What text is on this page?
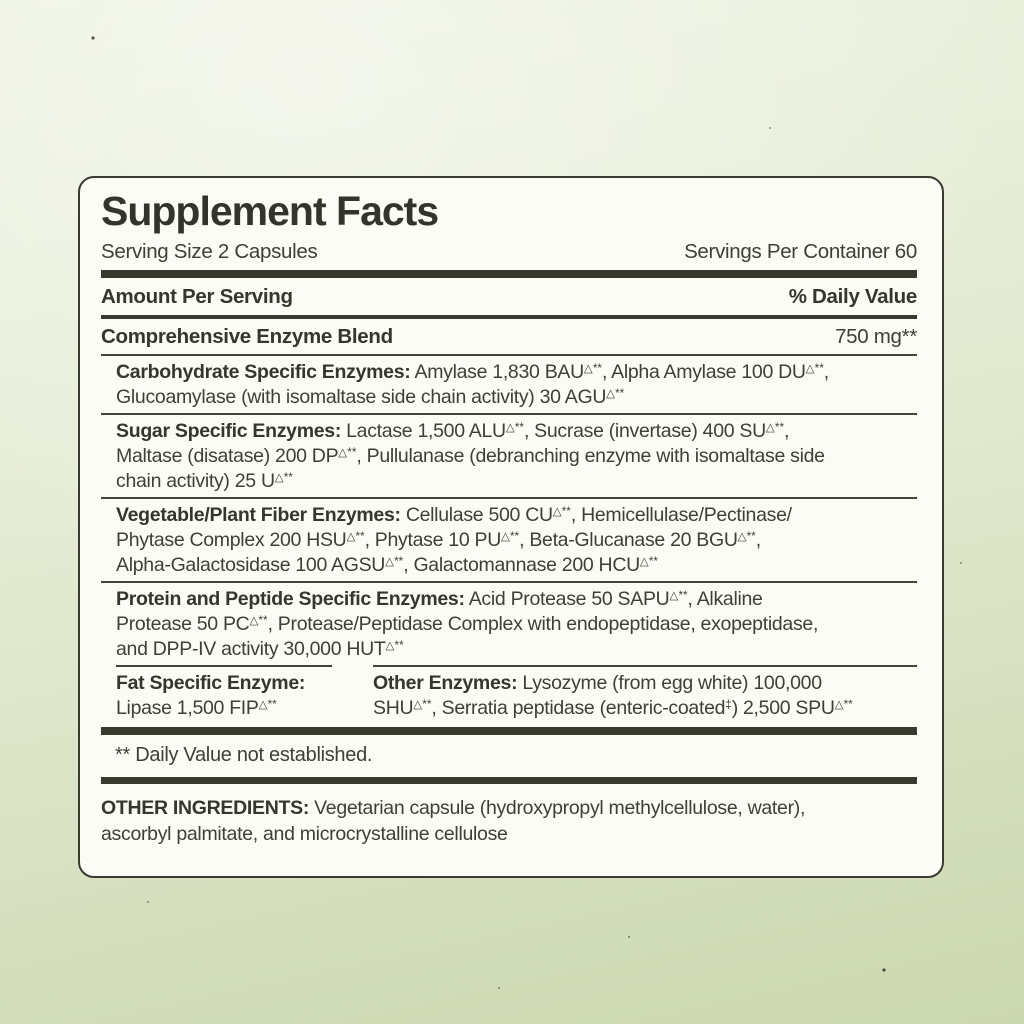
Supplement Facts
Serving Size 2 Capsules	Servings Per Container 60
Amount Per Serving	% Daily Value
Comprehensive Enzyme Blend	750 mg**

Carbohydrate Specific Enzymes: Amylase 1,830 BAU△**, Alpha Amylase 100 DU△**,
Glucoamylase (with isomaltase side chain activity) 30 AGU△**

Sugar Specific Enzymes: Lactase 1,500 ALU△**, Sucrase (invertase) 400 SU△**,
Maltase (disatase) 200 DP△**, Pullulanase (debranching enzyme with isomaltase side
chain activity) 25 U△**

Vegetable/Plant Fiber Enzymes: Cellulase 500 CU△**, Hemicellulase/Pectinase/
Phytase Complex 200 HSU△**, Phytase 10 PU△**, Beta-Glucanase 20 BGU△**,
Alpha-Galactosidase 100 AGSU△**, Galactomannase 200 HCU△**

Protein and Peptide Specific Enzymes: Acid Protease 50 SAPU△**, Alkaline
Protease 50 PC△**, Protease/Peptidase Complex with endopeptidase, exopeptidase,
and DPP-IV activity 30,000 HUT△**

Fat Specific Enzyme:
Lipase 1,500 FIP△**
Other Enzymes: Lysozyme (from egg white) 100,000
SHU△**, Serratia peptidase (enteric-coated‡) 2,500 SPU△**

** Daily Value not established.

OTHER INGREDIENTS: Vegetarian capsule (hydroxypropyl methylcellulose, water),
ascorbyl palmitate, and microcrystalline cellulose
